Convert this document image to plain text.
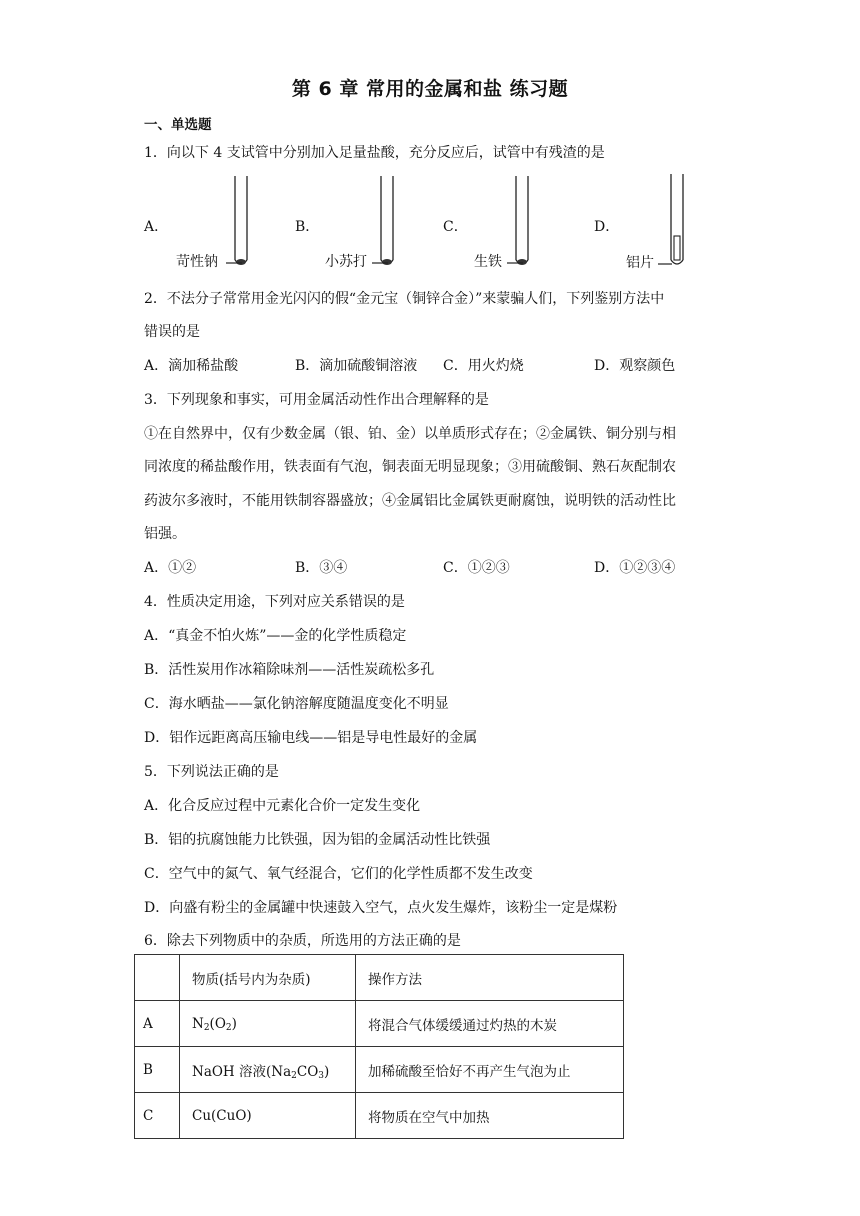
第 6 章 常用的金属和盐 练习题
一、单选题
1．向以下 4 支试管中分别加入足量盐酸，充分反应后，试管中有残渣的是
A．
苛性钠
B．
小苏打
C．
生铁
D．
铝片
2．不法分子常常用金光闪闪的假“金元宝（铜锌合金）”来蒙骗人们，下列鉴别方法中
错误的是
A．滴加稀盐酸	B．滴加硫酸铜溶液 C．用火灼烧	D．观察颜色
3．下列现象和事实，可用金属活动性作出合理解释的是
①在自然界中，仅有少数金属（银、铂、金）以单质形式存在；②金属铁、铜分别与相
同浓度的稀盐酸作用，铁表面有气泡，铜表面无明显现象；③用硫酸铜、熟石灰配制农
药波尔多液时，不能用铁制容器盛放；④金属铝比金属铁更耐腐蚀，说明铁的活动性比
铝强。
A．①②	B．③④	C．①②③	D．①②③④
4．性质决定用途，下列对应关系错误的是
A．“真金不怕火炼”——金的化学性质稳定
B．活性炭用作冰箱除味剂——活性炭疏松多孔
C．海水晒盐——氯化钠溶解度随温度变化不明显
D．铝作远距离高压输电线——铝是导电性最好的金属
5．下列说法正确的是
A．化合反应过程中元素化合价一定发生变化
B．铝的抗腐蚀能力比铁强，因为铝的金属活动性比铁强
C．空气中的氮气、氧气经混合，它们的化学性质都不发生改变
D．向盛有粉尘的金属罐中快速鼓入空气，点火发生爆炸，该粉尘一定是煤粉
6．除去下列物质中的杂质，所选用的方法正确的是
	物质(括号内为杂质)	操作方法
A	$N_2(O_2)$	将混合气体缓缓通过灼热的木炭
B	NaOH 溶液$(Na_2CO_3)$	加稀硫酸至恰好不再产生气泡为止
C	Cu(CuO)	将物质在空气中加热
